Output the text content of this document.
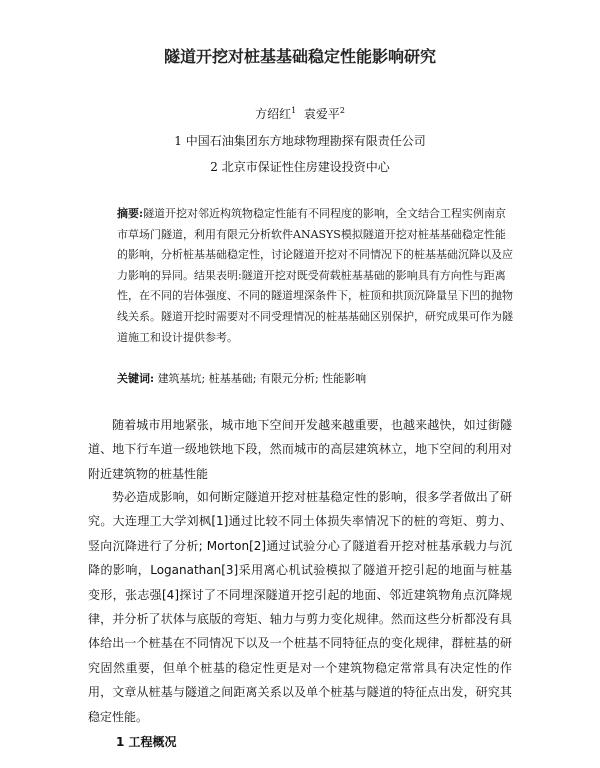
隧道开挖对桩基基础稳定性能影响研究
方绍红$^1$ 袁爱平$^2$
1 中国石油集团东方地球物理勘探有限责任公司
2 北京市保证性住房建设投资中心
摘要:隧道开挖对邻近构筑物稳定性能有不同程度的影响，全文结合工程实例南京市草场门隧道，利用有限元分析软件ANASYS模拟隧道开挖对桩基基础稳定性能的影响，分析桩基基础稳定性，讨论隧道开挖对不同情况下的桩基基础沉降以及应力影响的异同。结果表明:隧道开挖对既受荷载桩基基础的影响具有方向性与距离性，在不同的岩体强度、不同的隧道埋深条件下，桩顶和拱顶沉降量呈下凹的抛物线关系。隧道开挖时需要对不同受理情况的桩基基础区别保护，研究成果可作为隧道施工和设计提供参考。
关键词: 建筑基坑; 桩基基础; 有限元分析; 性能影响

随着城市用地紧张，城市地下空间开发越来越重要，也越来越快，如过街隧道、地下行车道一级地铁地下段，然而城市的高层建筑林立，地下空间的利用对附近建筑物的桩基性能

势必造成影响，如何断定隧道开挖对桩基稳定性的影响，很多学者做出了研究。大连理工大学刘枫[1]通过比较不同土体损失率情况下的桩的弯矩、剪力、竖向沉降进行了分析; Morton[2]通过试验分心了隧道看开挖对桩基承载力与沉降的影响，Loganathan[3]采用离心机试验模拟了隧道开挖引起的地面与桩基变形，张志强[4]探讨了不同埋深隧道开挖引起的地面、邻近建筑物角点沉降规律，并分析了状体与底版的弯矩、轴力与剪力变化规律。然而这些分析都没有具体给出一个桩基在不同情况下以及一个桩基不同特征点的变化规律，群桩基的研究固然重要，但单个桩基的稳定性更是对一个建筑物稳定常常具有决定性的作用，文章从桩基与隧道之间距离关系以及单个桩基与隧道的特征点出发，研究其稳定性能。

1 工程概况
